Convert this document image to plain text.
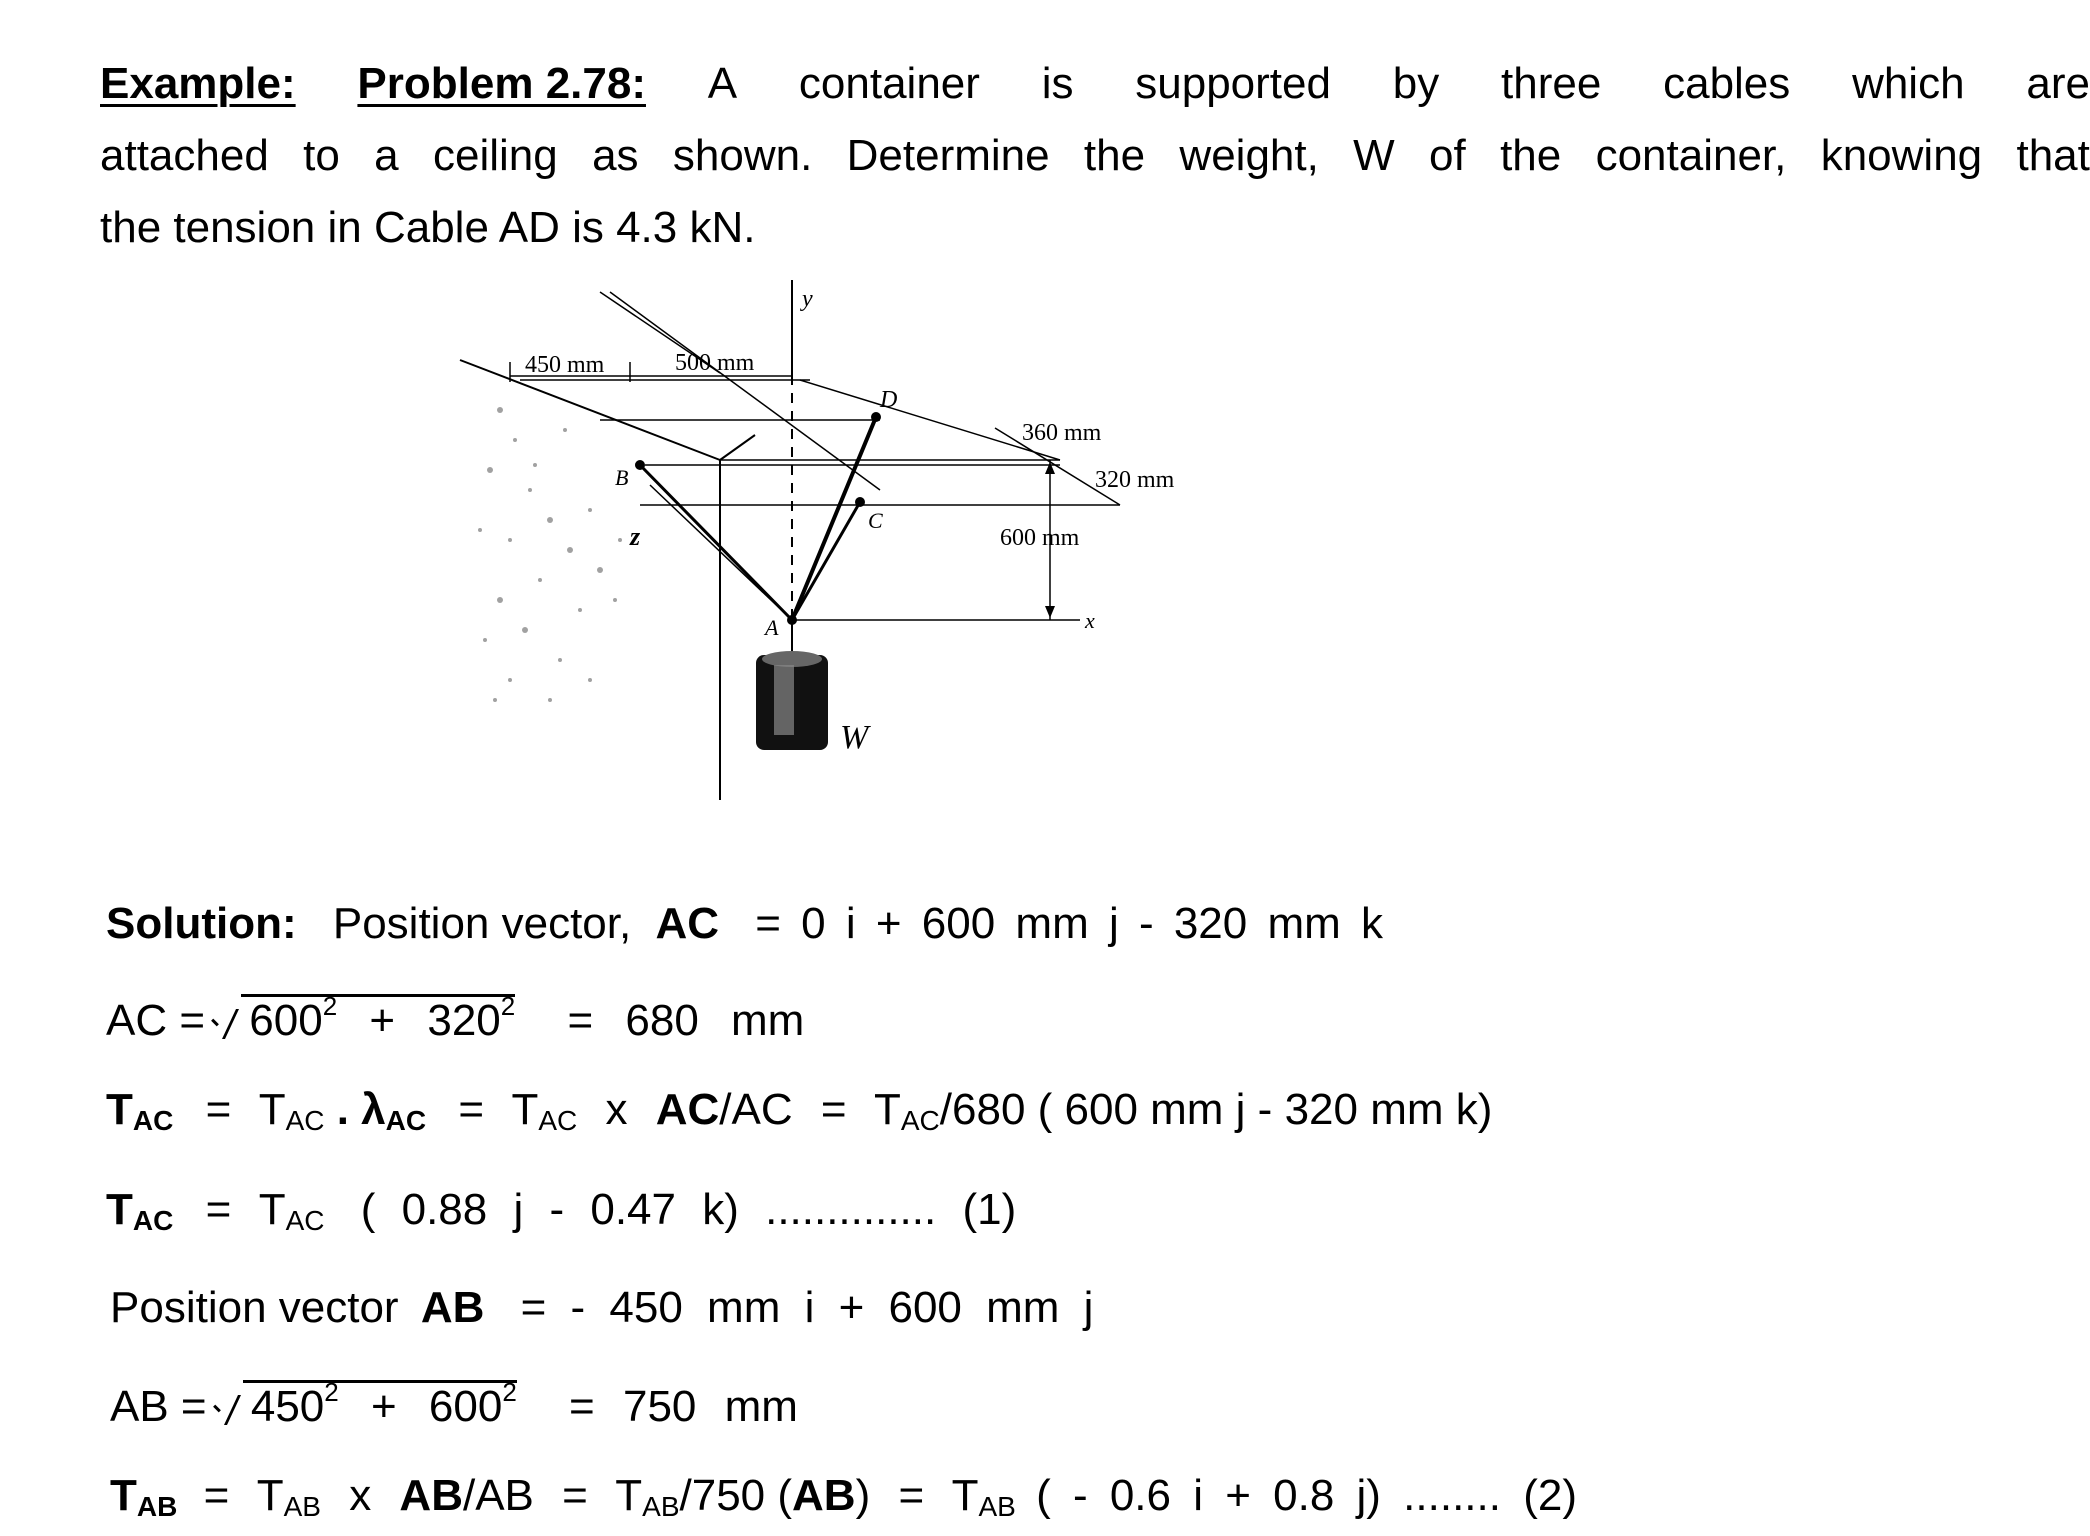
Example: Problem 2.78: A container is supported by three cables which are
attached to a ceiling as shown. Determine the weight, W of the container, knowing that
the tension in Cable AD is 4.3 kN.
450 mm	500 mm
360 mm
320 mm
600 mm
y
x
z
A
B
C
D
W
Solution: Position vector, AC = 0 i + 600 mm j - 320 mm k
AC = $600^2 + 320^2 = 680$ mm
$T_{AC} = T_{AC}$ . $\lambda_{AC} = T_{AC}$ x $AC/AC = T_{AC}/680$ ( 600 mm j - 320 mm k)
$T_{AC} = T_{AC}$ ( 0.88 j - 0.47 k) .............. (1)
Position vector AB = - 450 mm i + 600 mm j
AB = $450^2 + 600^2 = 750$ mm
$T_{AB} = T_{AB}$ x $AB/AB = T_{AB}/750$ $(AB) = T_{AB}$ ( - 0.6 i + 0.8 j) ........ (2)
